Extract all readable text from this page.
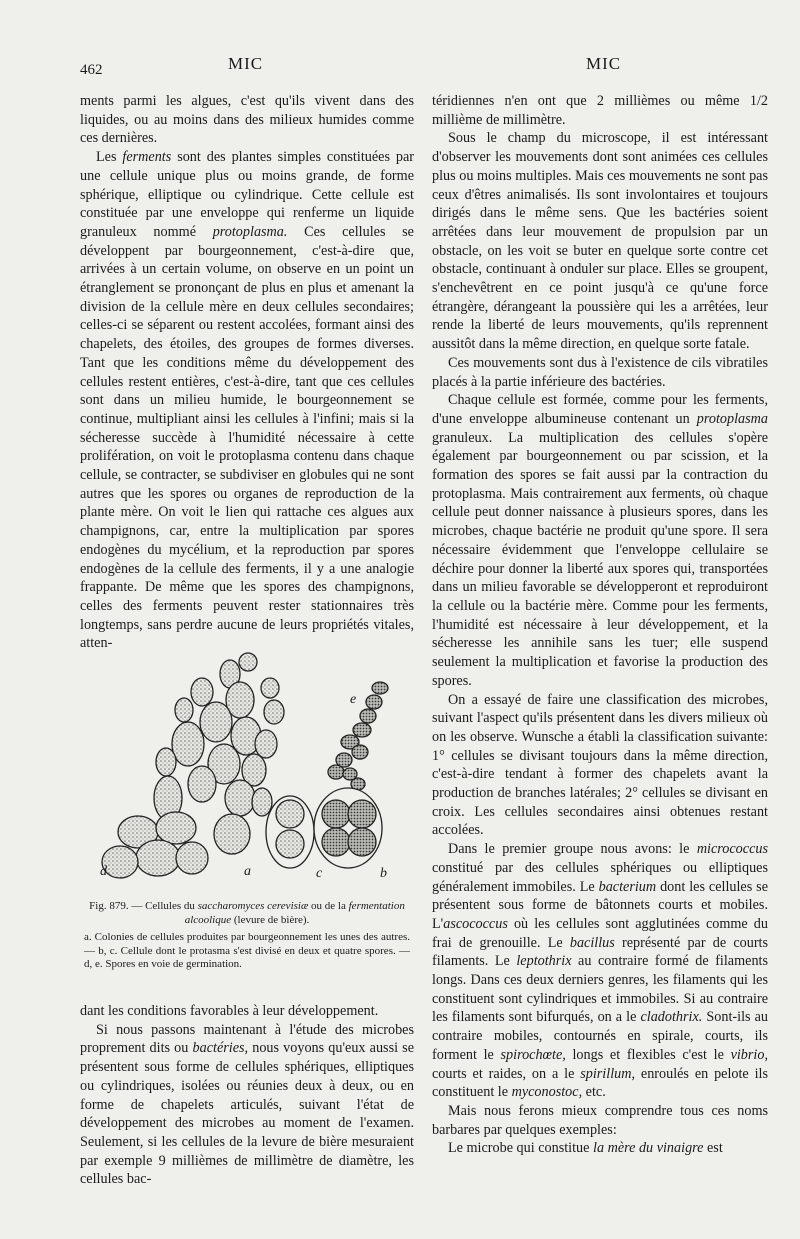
462	MIC	MIC

ments parmi les algues, c'est qu'ils vivent dans des liquides, ou au moins dans des milieux humides comme ces dernières.

Les ferments sont des plantes simples constituées par une cellule unique plus ou moins grande, de forme sphérique, elliptique ou cylindrique. Cette cellule est constituée par une enveloppe qui renferme un liquide granuleux nommé protoplasma. Ces cellules se développent par bourgeonnement, c'est-à-dire que, arrivées à un certain volume, on observe en un point un étranglement se prononçant de plus en plus et amenant la division de la cellule mère en deux cellules secondaires; celles-ci se séparent ou restent accolées, formant ainsi des chapelets, des étoiles, des groupes de formes diverses. Tant que les conditions même du développement des cellules restent entières, c'est-à-dire, tant que ces cellules sont dans un milieu humide, le bourgeonnement se continue, multipliant ainsi les cellules à l'infini; mais si la sécheresse succède à l'humidité nécessaire à cette prolifération, on voit le protoplasma contenu dans chaque cellule, se contracter, se subdiviser en globules qui ne sont autres que les spores ou organes de reproduction de la plante mère. On voit le lien qui rattache ces algues aux champignons, car, entre la multiplication par spores endogènes du mycélium, et la reproduction par spores endogènes de la cellule des ferments, il y a une analogie frappante. De même que les spores des champignons, celles des ferments peuvent rester stationnaires très longtemps, sans perdre aucune de leurs propriétés vitales, atten-

d	a	c	b
e
Fig. 879. — Cellules du saccharomyces cerevisiæ ou de la fermentation alcoolique (levure de bière).
a. Colonies de cellules produites par bourgeonnement les unes des autres. — b, c. Cellule dont le protasma s'est divisé en deux et quatre spores. — d, e. Spores en voie de germination.

dant les conditions favorables à leur développement.

Si nous passons maintenant à l'étude des microbes proprement dits ou bactéries, nous voyons qu'eux aussi se présentent sous forme de cellules sphériques, elliptiques ou cylindriques, isolées ou réunies deux à deux, ou en forme de chapelets articulés, suivant l'état de développement des microbes au moment de l'examen. Seulement, si les cellules de la levure de bière mesuraient par exemple 9 millièmes de millimètre de diamètre, les cellules bac-

téridiennes n'en ont que 2 millièmes ou même 1/2 millième de millimètre.

Sous le champ du microscope, il est intéressant d'observer les mouvements dont sont animées ces cellules plus ou moins multiples. Mais ces mouvements ne sont pas ceux d'êtres animalisés. Ils sont involontaires et toujours dirigés dans le même sens. Que les bactéries soient arrêtées dans leur mouvement de propulsion par un obstacle, on les voit se buter en quelque sorte contre cet obstacle, continuant à onduler sur place. Elles se groupent, s'enchevêtrent en ce point jusqu'à ce qu'une force étrangère, dérangeant la poussière qui les a arrêtées, leur rende la liberté de leurs mouvements, qu'ils reprennent aussitôt dans la même direction, en quelque sorte fatale.

Ces mouvements sont dus à l'existence de cils vibratiles placés à la partie inférieure des bactéries.

Chaque cellule est formée, comme pour les ferments, d'une enveloppe albumineuse contenant un protoplasma granuleux. La multiplication des cellules s'opère également par bourgeonnement ou par scission, et la formation des spores se fait aussi par la contraction du protoplasma. Mais contrairement aux ferments, où chaque cellule peut donner naissance à plusieurs spores, dans les microbes, chaque bactérie ne produit qu'une spore. Il sera nécessaire évidemment que l'enveloppe cellulaire se déchire pour donner la liberté aux spores qui, transportées dans un milieu favorable se développeront et reproduiront la cellule ou la bactérie mère. Comme pour les ferments, l'humidité est nécessaire à leur développement, et la sécheresse les annihile sans les tuer; elle suspend seulement la multiplication et favorise la production des spores.

On a essayé de faire une classification des microbes, suivant l'aspect qu'ils présentent dans les divers milieux où on les observe. Wunsche a établi la classification suivante: 1° cellules se divisant toujours dans la même direction, c'est-à-dire tendant à former des chapelets avant la production de branches latérales; 2° cellules se divisant en croix. Les cellules secondaires ainsi obtenues restant accolées.

Dans le premier groupe nous avons: le micrococcus constitué par des cellules sphériques ou elliptiques généralement immobiles. Le bacterium dont les cellules se présentent sous forme de bâtonnets courts et mobiles. L'ascococcus où les cellules sont agglutinées comme du frai de grenouille. Le bacillus représenté par de courts filaments. Le leptothrix au contraire formé de filaments longs. Dans ces deux derniers genres, les filaments qui les constituent sont cylindriques et immobiles. Si au contraire les filaments sont bifurqués, on a le cladothrix. Sont-ils au contraire mobiles, contournés en spirale, courts, ils forment le spirochœte, longs et flexibles c'est le vibrio, courts et raides, on a le spirillum, enroulés en pelote ils constituent le myconostoc, etc.

Mais nous ferons mieux comprendre tous ces noms barbares par quelques exemples:

Le microbe qui constitue la mère du vinaigre est
